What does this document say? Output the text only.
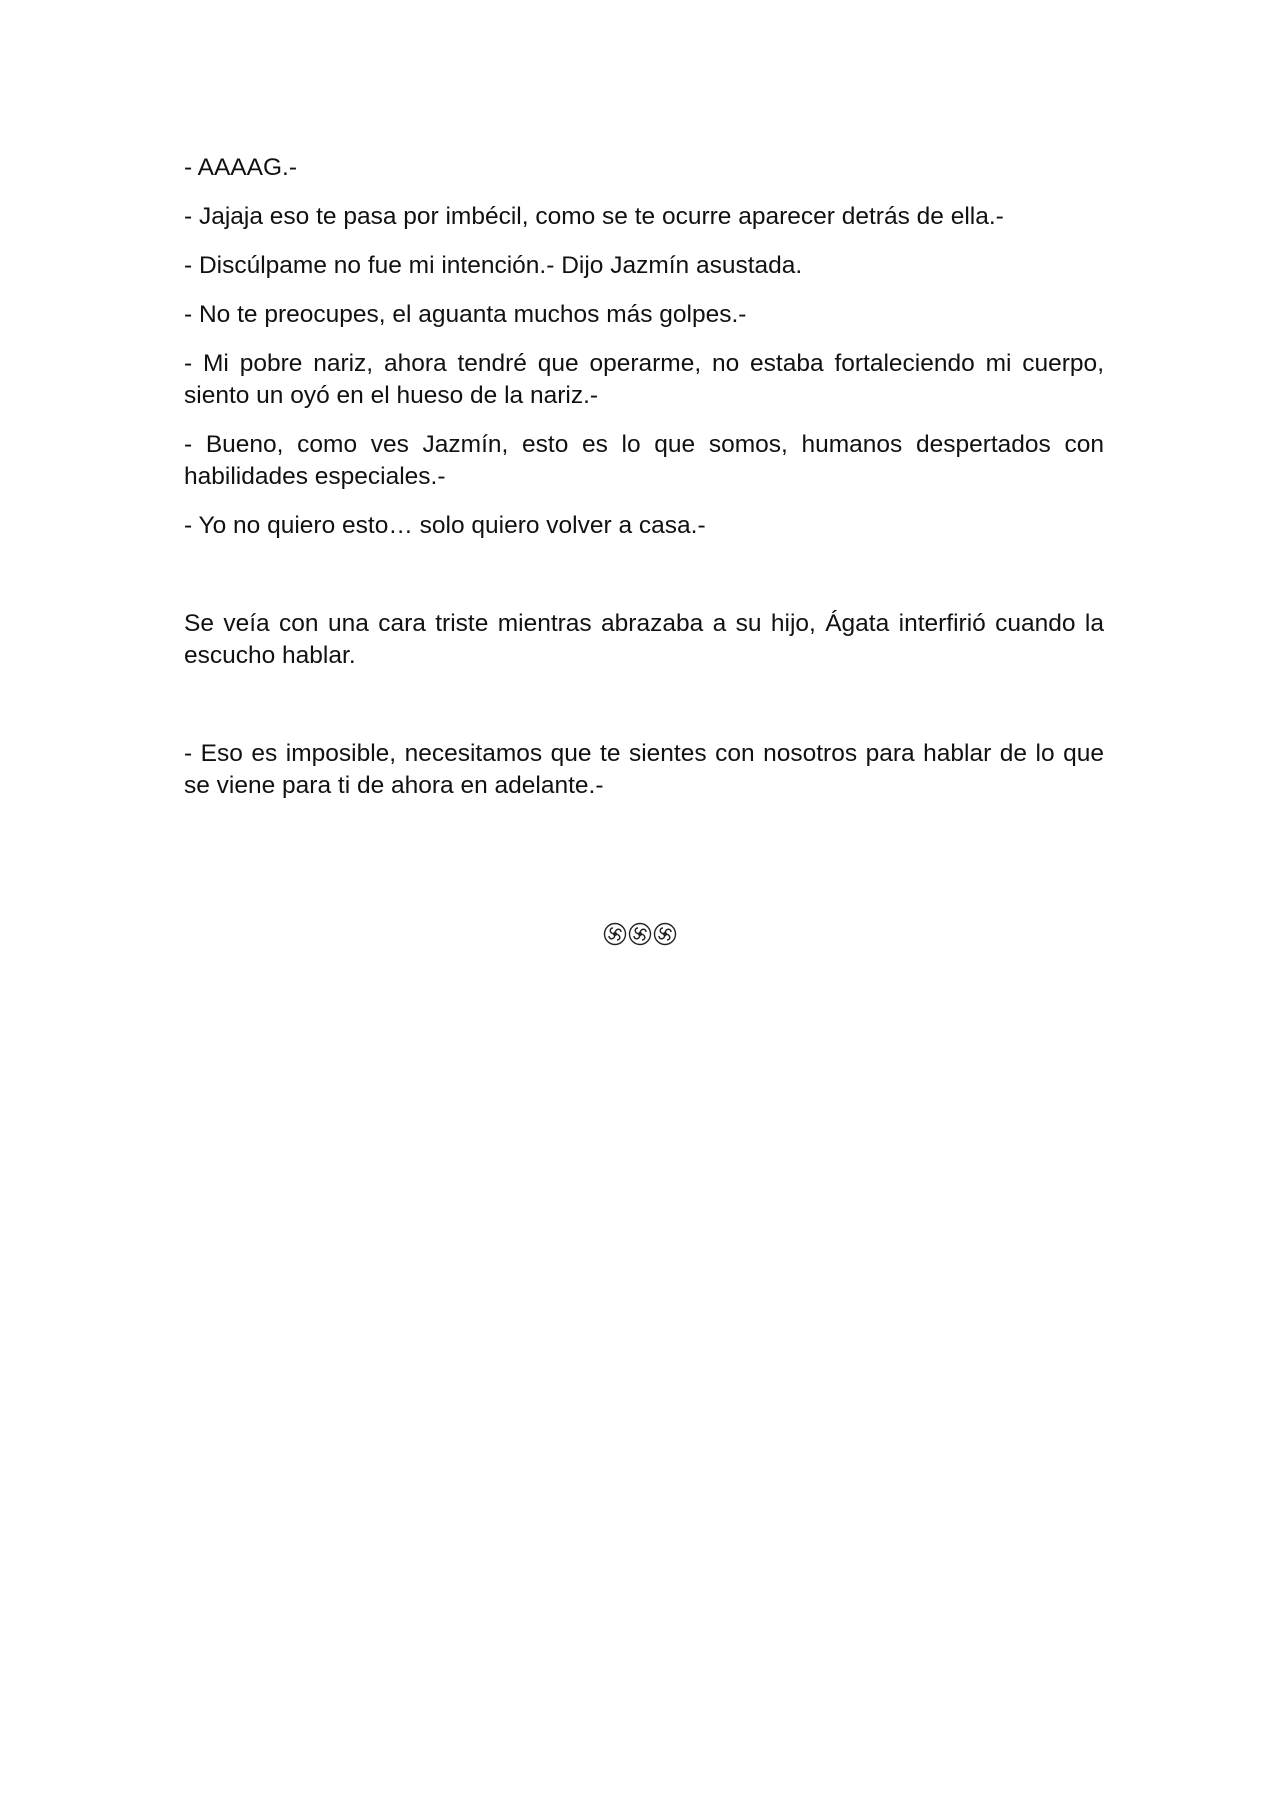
- AAAAG.-

- Jajaja eso te pasa por imbécil, como se te ocurre aparecer detrás de ella.-

- Discúlpame no fue mi intención.- Dijo Jazmín asustada.

- No te preocupes, el aguanta muchos más golpes.-

- Mi pobre nariz, ahora tendré que operarme, no estaba fortaleciendo mi cuerpo, siento un oyó en el hueso de la nariz.-

- Bueno, como ves Jazmín, esto es lo que somos, humanos despertados con habilidades especiales.-

- Yo no quiero esto… solo quiero volver a casa.-

Se veía con una cara triste mientras abrazaba a su hijo, Ágata interfirió cuando la escucho hablar.

- Eso es imposible, necesitamos que te sientes con nosotros para hablar de lo que se viene para ti de ahora en adelante.-
